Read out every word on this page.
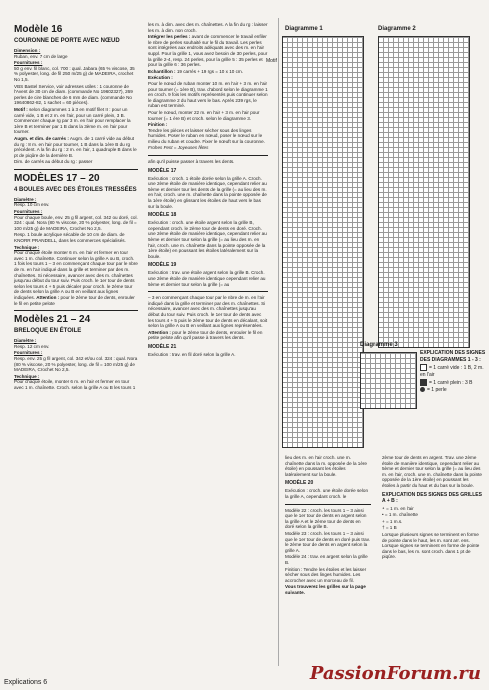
Modèle 16
COURONNE DE PORTE AVEC NŒUD

Dimension :
Ruban, env. 7 cm de large

Fournitures :
50 g env. fil blanc, col. 700 : qual. Jabara (65 % viscose, 35 % polyester, long. de fil 250 m/25 g) de MADEIRA, crochet No 1,5.

VBS Bastel Service, voir adresses utiles : 1 couronne de l'Avent de 30 cm de diam. (commande No 19602327), 269 perles de cire blanches de 6 mm de diam. (commande No 19640862-82, 1 sachet = 60 pièces).

Motif : selon diagrammes 1 à 3 en motif filet II : pour un carré vide, 1 B et 2 m. en l'air, pour un carré plein, 3 B. Commencer chaque rg par 3 m. en l'air pour remplacer la 1ère B et terminer par 1 B dans la 3ème m. en l'air pour tourner.

Augm. et dim. de carrés : Augm. de 1 carré vide au début du rg : 8 m. en l'air pour tourner, 1 B dans la 1ère B du rg précédent. A la fin du rg : 2 m. en l'air, 1 quadruple B dans le pt de piqûre de la dernière B.

Dim. de carrés au début du rg : passer

MODÈLES 17 – 20
4 BOULES AVEC DES ÉTOILES TRESSÉES

Diamètre :
Resp. 10 cm env.

Fournitures :
Pour chaque boule, env. 25 g fil argent, col. 342 ou doré, col. 324 : qual. Nora (80 % viscose, 20 % polyester, long. de fil = 100 m/25 g) de MADEIRA, Crochet No 2,5.

Resp. 1 boule acrylique sécable de 10 cm de diam. de KNORR PRANDELL, dans les commerces spécialisés.

Technique :
Pour chaque étoile monter 6 m. en l'air et fermer en tour avec 1 m. chaînette. Continuer selon la grille A ou B, croch. 1 fois les tours 1 – 3 en commençant chaque tour par le nbre de m. en l'air indiqué dans la grille et terminer par des m. chaînettes. Si nécessaire, avancer avec des m. chaînettes jusqu'au début du tour suiv. Puis croch. le 1er tour de dents selon les tours 4 + 5 puis décaler pour croch. le 2ème tour de dents selon la grille A ou B en veillant aux lignes indiquées. Attention : pour le 2ème tour de dents, enrouler le fil en petite pelote

Modèles 21 – 24
BRELOQUE EN ÉTOILE

Diamètre :
Resp. 12 cm env.

Fournitures :
Resp. env. 25 g fil argent, col. 342 et/ou col. 324 : qual. Nora (80 % viscose, 20 % polyester, long. de fil = 100 m/25 g) de MADEIRA, Crochet No 2,5.

Technique :
Pour chaque étoile, monter 6 m. en l'air et fermer en tour avec 1 m. chaînette. Croch. selon la grille A ou B les tours 1

les m. à dim. avec des m. chaînettes. A la fin du rg : laisser les m. à dim. non croch.

Intégrer les perles : avant de commencer le travail enfiler le nbre de perles souhaité sur le fil du travail. Les perles sont intégrées aux endroits adéquats avec des m. en l'air suppl. Pour la grille 1, vous avez besoin de 30 perles, pour la grille 2-4, resp. 24 perles, pour la grille 5 : 35 perles et pour la grille 6 : 36 perles.

Echantillon : 19 carrés + 19 rgs = 10 x 10 cm.

Exécution :
Pour le nœud de ruban monter 10 m. en l'air + 3 m. en l'air pour tourner (= 1ère B), trav. d'abord selon le diagramme 1 en croch. 9 fois les motifs représentés puis continuer selon le diagramme 2 du haut vers le bas. Après 239 rgs, le ruban est terminé.

Pour le nœud, monter 22 m. en l'air + 3 m. en l'air pour tourner (= 1 ère B) et croch. selon le diagramme 3.

Finition :
Tendre les pièces et laisser sécher sous des linges humides. Poser le ruban en nœud, poser le nœud sur le milieu du ruban et coudre. Fixer le nœuft sur la couronne.

Frohes Fest = Joyeuses fêtes

afin qu'il puisse passer à travers les dents.

MODÈLE 17

Exécution : croch. 1 étoile dorée selon la grille A. Croch. une 2ème étoile de manière identique, cependant relier au 5ème et dernier tour les dents de la grille (= au lieu des m. en l'air, croch. une m. chaînette dans la pointe opposée de la 1ère étoile) en glissant les étoiles de haut vers le bas sur la boule.

MODÈLE 18

Exécution : croch. une étoile argent selon la grille B, cependant croch. le 2ème tour de dents en doré. Croch. une 2ème étoile de manière identique, cependant relier au 5ème et dernier tour selon la grille (= au lieu des m. en l'air, croch. une m. chaînette dans la pointe opposée de la 1ère étoile) en poussant les étoiles latéralement sur la boule.

MODÈLE 19

Exécution : trav. une étoile argent selon la grille B. Croch. une 2ème étoile de manière identique cependant relier au 5ème et dernier tour selon la grille (= au

– 3 en commençant chaque tour par le nbre de m. en l'air indiqué dans la grille et terminer par des m. chaînettes. Si nécessaire, avancer avec des m. chaînettes jusqu'au début du tour suiv. Puis croch. le 1er tour de dents avec les tours 4 + 5 puis le 2ème tour de dents en décalant, soit selon la grille A ou B en veillant aux lignes représentées.

Attention : pour le 2ème tour de dents, enrouler le fil en petite pelote afin qu'il passe à travers les dents.

MODÈLE 21

Exécution : trav. en fil doré selon la grille A.

Diagramme 1	Diagramme 2
Motif
Diagramme 3
EXPLICATION DES SIGNES DES DIAGRAMMES 1 - 3 :
= 1 carré vide : 1 B, 2 m. en l'air
= 1 carré plein : 3 B
= 1 perle

lieu des m. en l'air croch. une m. chaînette dans la m. opposée de la 1ère étoile) en poussant les étoiles latéralement sur la boule.

MODÈLE 20

Exécution : croch. une étoile dorée selon la grille A, cependant croch. le

Modèle 22 : croch. les tours 1 – 3 ainsi que le 1er tour de dents en argent selon la grille A et le 2ème tour de dents en doré selon la grille B.

Modèle 23 : croch. les tours 1 – 3 ainsi que le 1er tour de dents en doré puis trav. le 2ème tour de dents en argent selon la grille A.

Modèle 24 : trav. en argent selon la grille B.

Finition : Tendre les étoiles et les laisser sécher sous des linges humides. Les accrocher avec un morceau de fil.

Vous trouverez les grilles sur la page suivante.

2ème tour de dents en argent. Trav. une 2ème étoile de manière identique, cependant relier au 5ème et dernier tour selon la grille (= au lieu des m. en l'air, croch. une m. chaînette dans la pointe opposée de la 1ère étoile) en poussant les étoiles à partir du haut et du bas sur la boule.

EXPLICATION DES SIGNES DES GRILLES A + B :

∘ = 1 m. en l'air

• = 1 m. chaînette

+ = 1 m.s.

† = 1 B

Lorsque plusieurs signes se terminent en forme de pointe dans le haut, les m. sont arr. ens. Lorsque signes se terminent en forme de pointe dans le bas, les m. sont croch. dans 1 pt de piqûre.

Explications 6	PassionForum.ru
